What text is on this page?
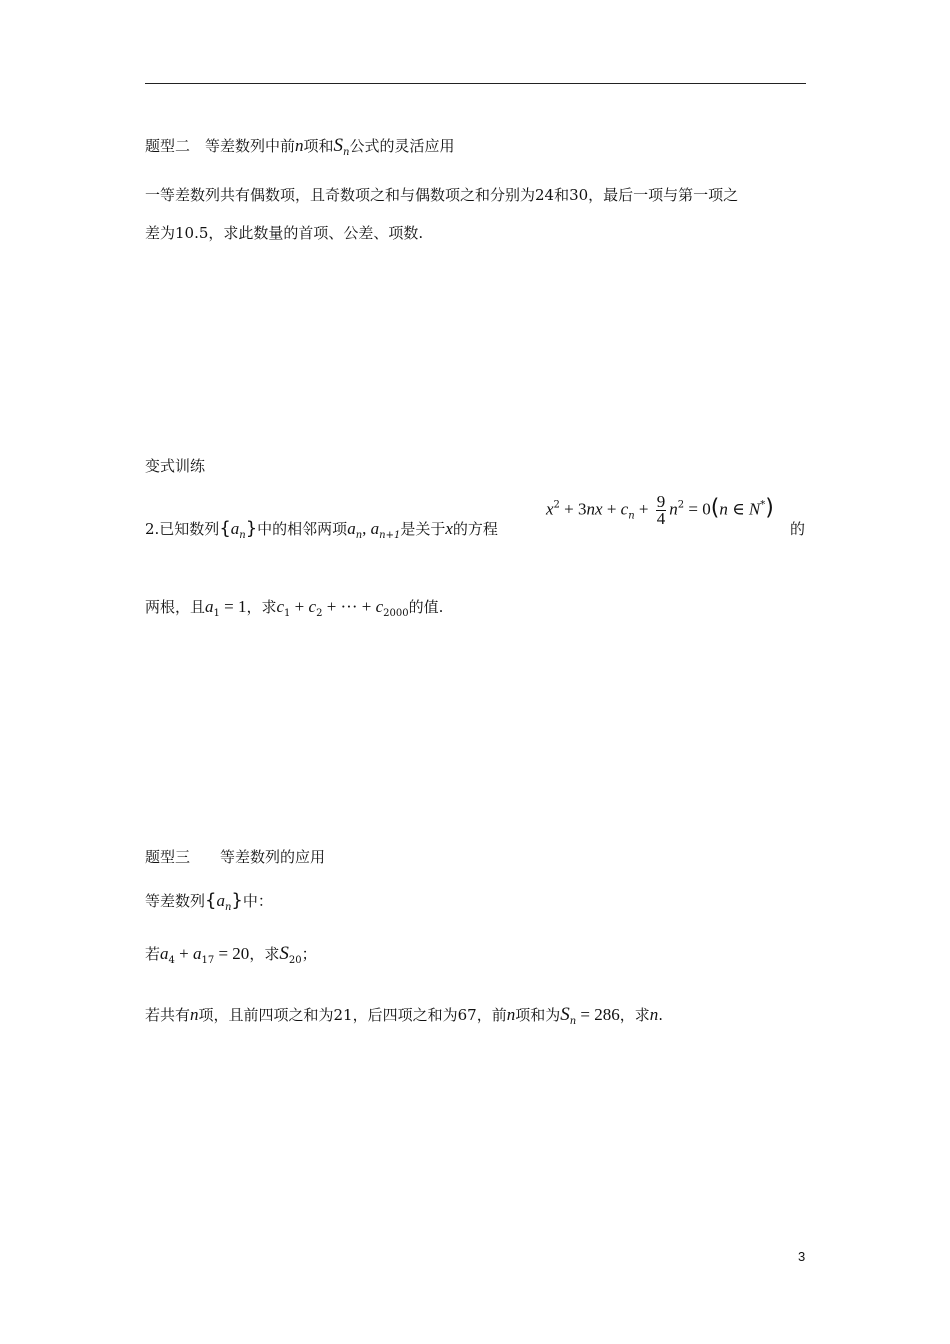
题型二　等差数列中前n项和$S_n$公式的灵活应用
一等差数列共有偶数项，且奇数项之和与偶数项之和分别为24和30，最后一项与第一项之
差为10.5，求此数量的首项、公差、项数.
变式训练
2.已知数列$\{a_n\}$中的相邻两项$a_n$, $a_{n+1}$是关于x的方程
$x^2 + 3nx + c_n + \frac{9}{4} n^2 = 0(n$ ∈ N*)
的
两根，且$a_1 = 1$，求$c_1 + c_2$ + ··· + $c_{2000}$的值.
题型三　　等差数列的应用
等差数列$\{a_n\}$中：
若$a_4 + a_{17} = 20$，求$S_{20}$；
若共有n项，且前四项之和为21，后四项之和为67，前n项和为$S_n = 286$，求n.
3
